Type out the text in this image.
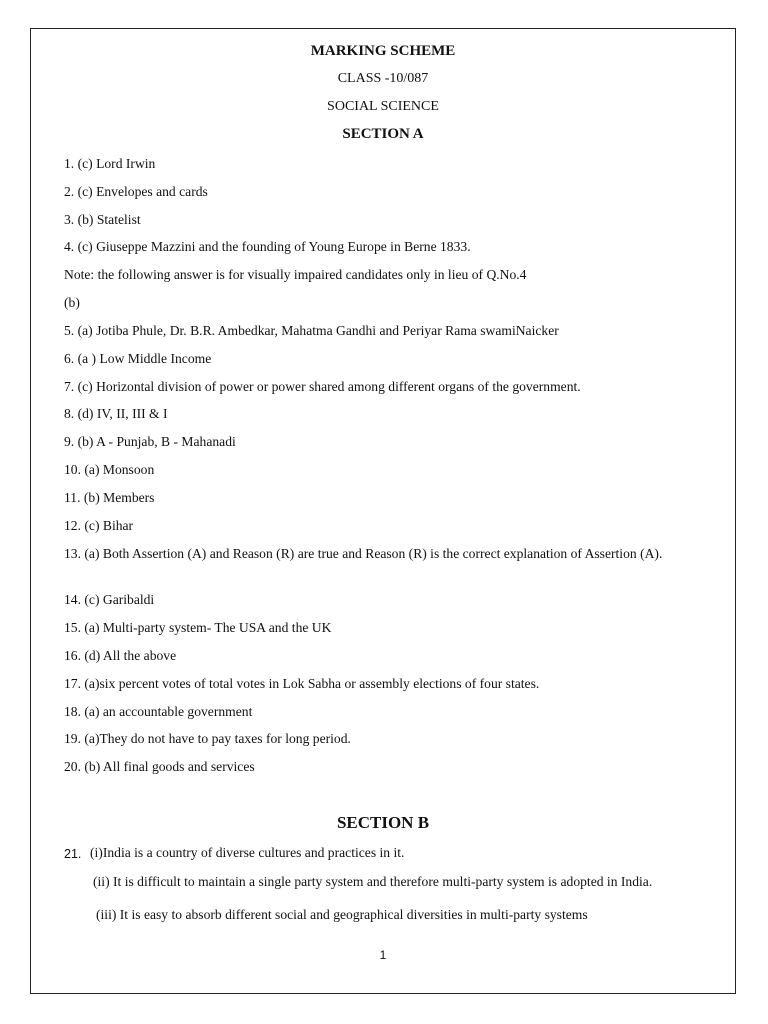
MARKING SCHEME
CLASS -10/087
SOCIAL SCIENCE
SECTION A
1. (c) Lord Irwin
2. (c) Envelopes and cards
3. (b) Statelist
4. (c) Giuseppe Mazzini and the founding of Young Europe in Berne 1833.
Note: the following answer is for visually impaired candidates only in lieu of Q.No.4
(b)
5. (a) Jotiba Phule, Dr. B.R. Ambedkar, Mahatma Gandhi and Periyar Rama swamiNaicker
6. (a ) Low Middle Income
7. (c) Horizontal division of power or power shared among different organs of the government.
8. (d) IV, II, III & I
9. (b) A - Punjab, B - Mahanadi
10. (a) Monsoon
11. (b) Members
12. (c) Bihar
13. (a) Both Assertion (A) and Reason (R) are true and Reason (R) is the correct explanation of Assertion (A).
14. (c) Garibaldi
15. (a) Multi-party system- The USA and the UK
16. (d) All the above
17. (a)six percent votes of total votes in Lok Sabha or assembly elections of four states.
18. (a) an accountable government
19. (a)They do not have to pay taxes for long period.
20. (b) All final goods and services
SECTION B
21. (i)India is a country of diverse cultures and practices in it.
(ii) It is difficult to maintain a single party system and therefore multi-party system is adopted in India.
(iii) It is easy to absorb different social and geographical diversities in multi-party systems
1
